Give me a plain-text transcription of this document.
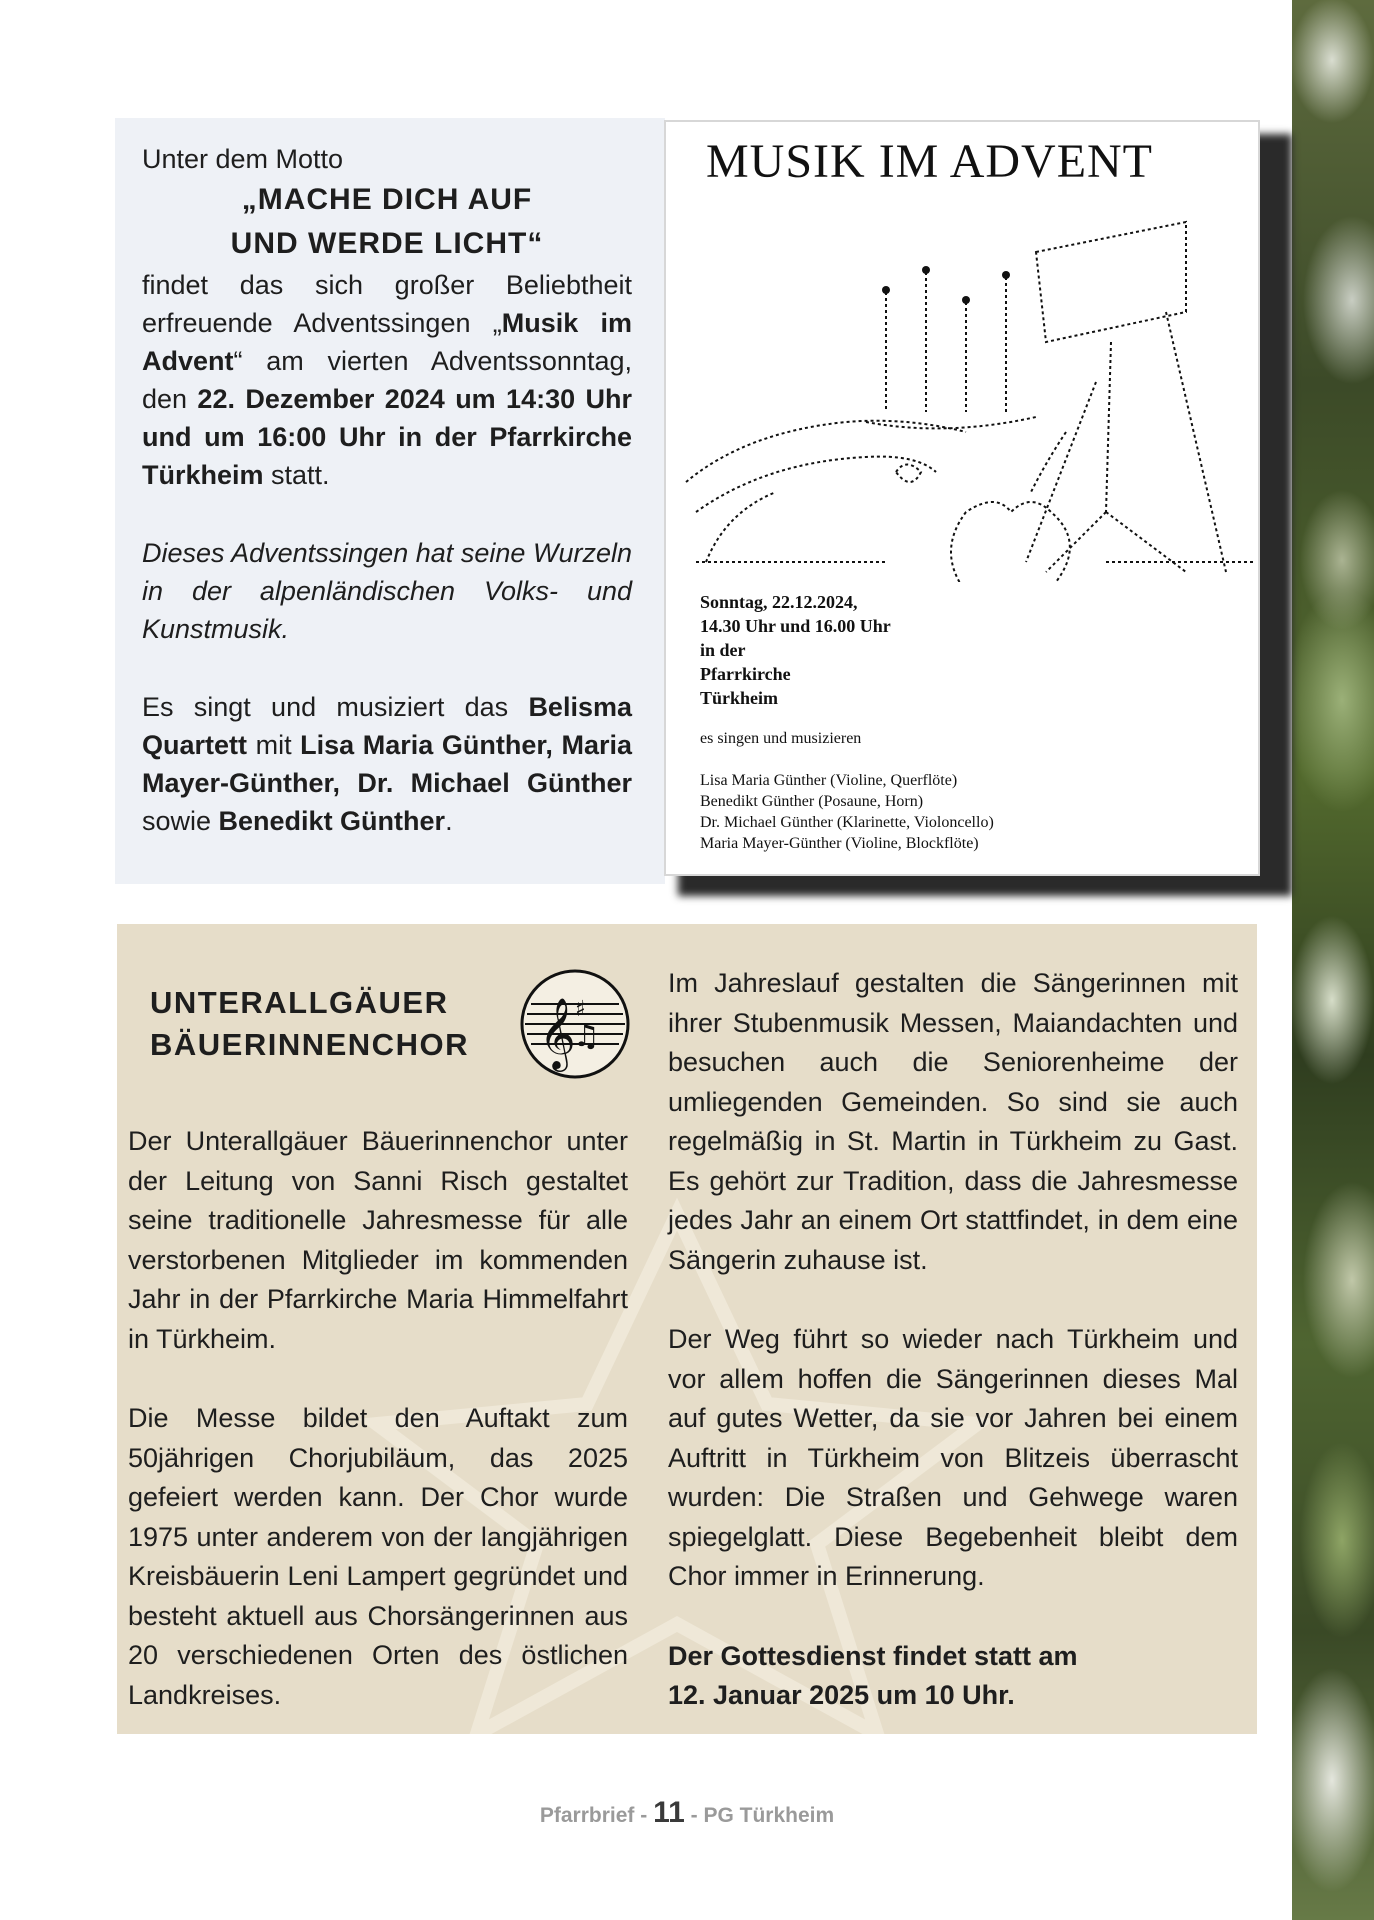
Unter dem Motto

„MACHE DICH AUF

UND WERDE LICHT“

findet das sich großer Beliebtheit erfreuende Adventssingen „Musik im Advent“ am vierten Adventssonntag, den 22. Dezember 2024 um 14:30 Uhr und um 16:00 Uhr in der Pfarrkirche Türkheim statt.

Dieses Adventssingen hat seine Wurzeln in der alpenländischen Volks- und Kunstmusik.

Es singt und musiziert das Belisma Quartett mit Lisa Maria Günther, Maria Mayer-Günther, Dr. Michael Günther sowie Benedikt Günther.

MUSIK IM ADVENT
Sonntag, 22.12.2024,
14.30 Uhr und 16.00 Uhr
in der
Pfarrkirche
Türkheim
es singen und musizieren
Lisa Maria Günther (Violine, Querflöte)
Benedikt Günther (Posaune, Horn)
Dr. Michael Günther (Klarinette, Violoncello)
Maria Mayer-Günther (Violine, Blockflöte)
UNTERALLGÄUER
BÄUERINNENCHOR 𝄞 ♯
♫

Der Unterallgäuer Bäuerinnenchor unter der Leitung von Sanni Risch gestaltet seine traditionelle Jahresmesse für alle verstorbenen Mitglieder im kommenden Jahr in der Pfarrkirche Maria Himmelfahrt in Türkheim.

Die Messe bildet den Auftakt zum 50jährigen Chorjubiläum, das 2025 gefeiert werden kann. Der Chor wurde 1975 unter anderem von der langjährigen Kreisbäuerin Leni Lampert gegründet und besteht aktuell aus Chorsängerinnen aus 20 verschiedenen Orten des östlichen Landkreises.

Im Jahreslauf gestalten die Sängerinnen mit ihrer Stubenmusik Messen, Maiandachten und besuchen auch die Seniorenheime der umliegenden Gemeinden. So sind sie auch regelmäßig in St. Martin in Türkheim zu Gast. Es gehört zur Tradition, dass die Jahresmesse jedes Jahr an einem Ort stattfindet, in dem eine Sängerin zuhause ist.

Der Weg führt so wieder nach Türkheim und vor allem hoffen die Sängerinnen dieses Mal auf gutes Wetter, da sie vor Jahren bei einem Auftritt in Türkheim von Blitzeis überrascht wurden: Die Straßen und Gehwege waren spiegelglatt. Diese Begebenheit bleibt dem Chor immer in Erinnerung.

Der Gottesdienst findet statt am
12. Januar 2025 um 10 Uhr.

Pfarrbrief - 11 - PG Türkheim
